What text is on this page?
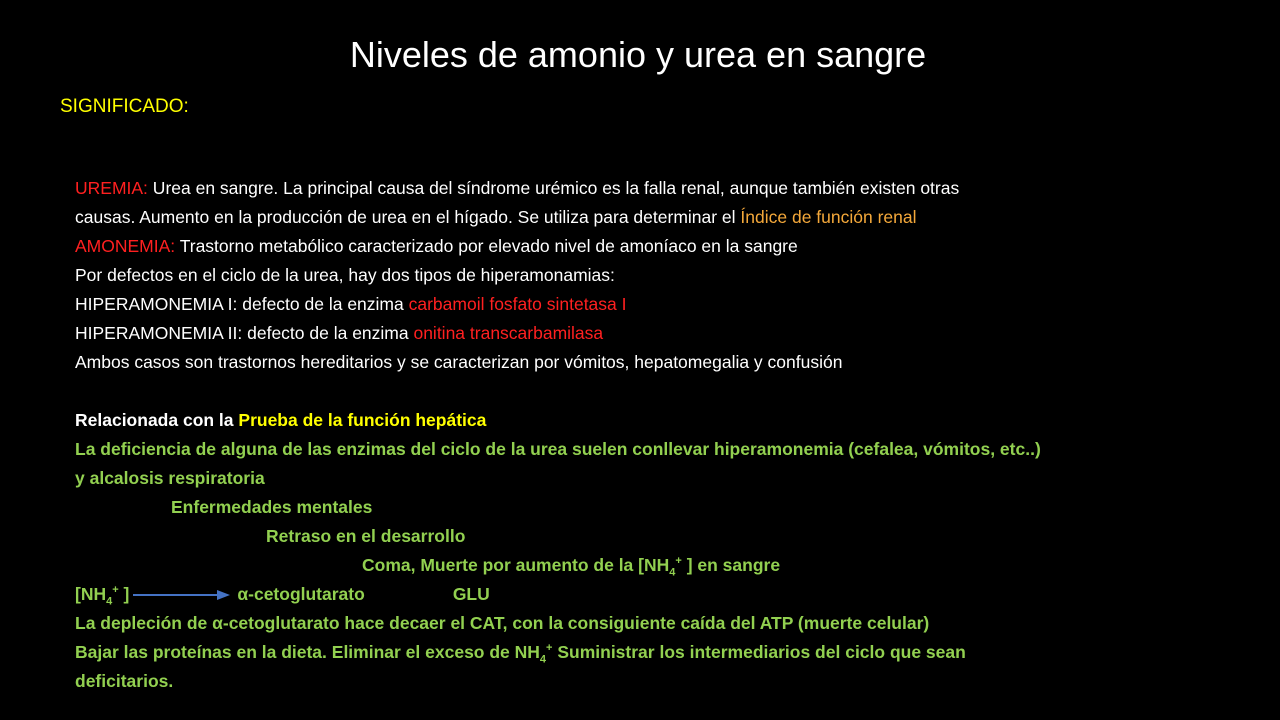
Niveles de amonio y urea en sangre
SIGNIFICADO:
UREMIA: Urea en sangre. La principal causa del síndrome urémico es la falla renal, aunque también existen otras
causas. Aumento en la producción de urea en el hígado. Se utiliza para determinar el Índice de función renal
AMONEMIA: Trastorno metabólico caracterizado por elevado nivel de amoníaco en la sangre
Por defectos en el ciclo de la urea, hay dos tipos de hiperamonamias:
HIPERAMONEMIA I: defecto de la enzima carbamoil fosfato sintetasa I
HIPERAMONEMIA II: defecto de la enzima onitina transcarbamilasa
Ambos casos son trastornos hereditarios y se caracterizan por vómitos, hepatomegalia y confusión
Relacionada con la Prueba de la función hepática
La deficiencia de alguna de las enzimas del ciclo de la urea suelen conllevar hiperamonemia (cefalea, vómitos, etc..)
y alcalosis respiratoria
Enfermedades mentales
Retraso en el desarrollo
Coma, Muerte por aumento de la [$NH_4^+$ ] en sangre
[$NH_4^+$ ]	α-cetoglutarato	GLU
La depleción de α-cetoglutarato hace decaer el CAT, con la consiguiente caída del ATP (muerte celular)
Bajar las proteínas en la dieta. Eliminar el exceso de $NH_4^+$ Suministrar los intermediarios del ciclo que sean
deficitarios.
